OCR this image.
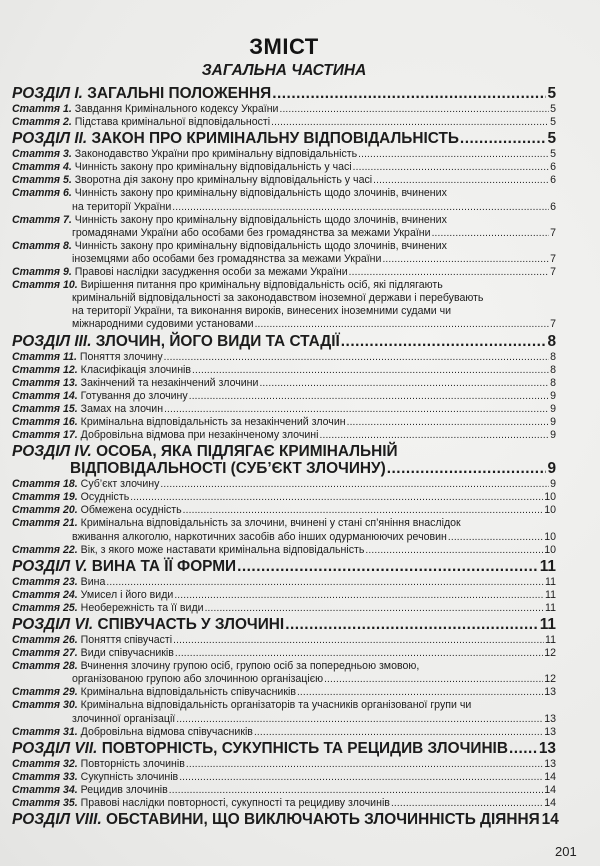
ЗМІСТ
ЗАГАЛЬНА ЧАСТИНА
РОЗДІЛ I. ЗАГАЛЬНІ ПОЛОЖЕННЯ .....	5
Стаття 1. Завдання Кримінального кодексу України .....	5
Стаття 2. Підстава кримінальної відповідальності .....	5
РОЗДІЛ II. ЗАКОН ПРО КРИМІНАЛЬНУ ВІДПОВІДАЛЬНІСТЬ .....	5
Стаття 3. Законодавство України про кримінальну відповідальність .....	5
Стаття 4. Чинність закону про кримінальну відповідальність у часі .....	6
Стаття 5. Зворотна дія закону про кримінальну відповідальність у часі .....	6
Стаття 6. Чинність закону про кримінальну відповідальність щодо злочинів, вчинених
на території України .....	6
Стаття 7. Чинність закону про кримінальну відповідальність щодо злочинів, вчинених
громадянами України або особами без громадянства за межами України .....	7
Стаття 8. Чинність закону про кримінальну відповідальність щодо злочинів, вчинених
іноземцями або особами без громадянства за межами України .....	7
Стаття 9. Правові наслідки засудження особи за межами України .....	7
Стаття 10. Вирішення питання про кримінальну відповідальність осіб, які підлягають
кримінальній відповідальності за законодавством іноземної держави і перебувають
на території України, та виконання вироків, винесених іноземними судами чи
міжнародними судовими установами .....	7
РОЗДІЛ III. ЗЛОЧИН, ЙОГО ВИДИ ТА СТАДІЇ .....	8
Стаття 11. Поняття злочину .....	8
Стаття 12. Класифікація злочинів .....	8
Стаття 13. Закінчений та незакінчений злочини .....	8
Стаття 14. Готування до злочину .....	9
Стаття 15. Замах на злочин .....	9
Стаття 16. Кримінальна відповідальність за незакінчений злочин .....	9
Стаття 17. Добровільна відмова при незакінченому злочині .....	9
РОЗДІЛ IV. ОСОБА, ЯКА ПІДЛЯГАЄ КРИМІНАЛЬНІЙ
ВІДПОВІДАЛЬНОСТІ (СУБ’ЄКТ ЗЛОЧИНУ) .....	9
Стаття 18. Суб’єкт злочину .....	9
Стаття 19. Осудність .....	10
Стаття 20. Обмежена осудність .....	10
Стаття 21. Кримінальна відповідальність за злочини, вчинені у стані сп’яніння внаслідок
вживання алкоголю, наркотичних засобів або інших одурманюючих речовин .....	10
Стаття 22. Вік, з якого може наставати кримінальна відповідальність .....	10
РОЗДІЛ V. ВИНА ТА ЇЇ ФОРМИ .....	11
Стаття 23. Вина .....	11
Стаття 24. Умисел і його види .....	11
Стаття 25. Необережність та її види .....	11
РОЗДІЛ VI. СПІВУЧАСТЬ У ЗЛОЧИНІ .....	11
Стаття 26. Поняття співучасті .....	11
Стаття 27. Види співучасників .....	12
Стаття 28. Вчинення злочину групою осіб, групою осіб за попередньою змовою,
організованою групою або злочинною організацією .....	12
Стаття 29. Кримінальна відповідальність співучасників .....	13
Стаття 30. Кримінальна відповідальність організаторів та учасників організованої групи чи
злочинної організації .....	13
Стаття 31. Добровільна відмова співучасників .....	13
РОЗДІЛ VII. ПОВТОРНІСТЬ, СУКУПНІСТЬ ТА РЕЦИДИВ ЗЛОЧИНІВ ..... 13
Стаття 32. Повторність злочинів .....	13
Стаття 33. Сукупність злочинів .....	14
Стаття 34. Рецидив злочинів .....	14
Стаття 35. Правові наслідки повторності, сукупності та рецидиву злочинів .....	14
РОЗДІЛ VIII. ОБСТАВИНИ, ЩО ВИКЛЮЧАЮТЬ ЗЛОЧИННІСТЬ ДІЯННЯ 14
201
